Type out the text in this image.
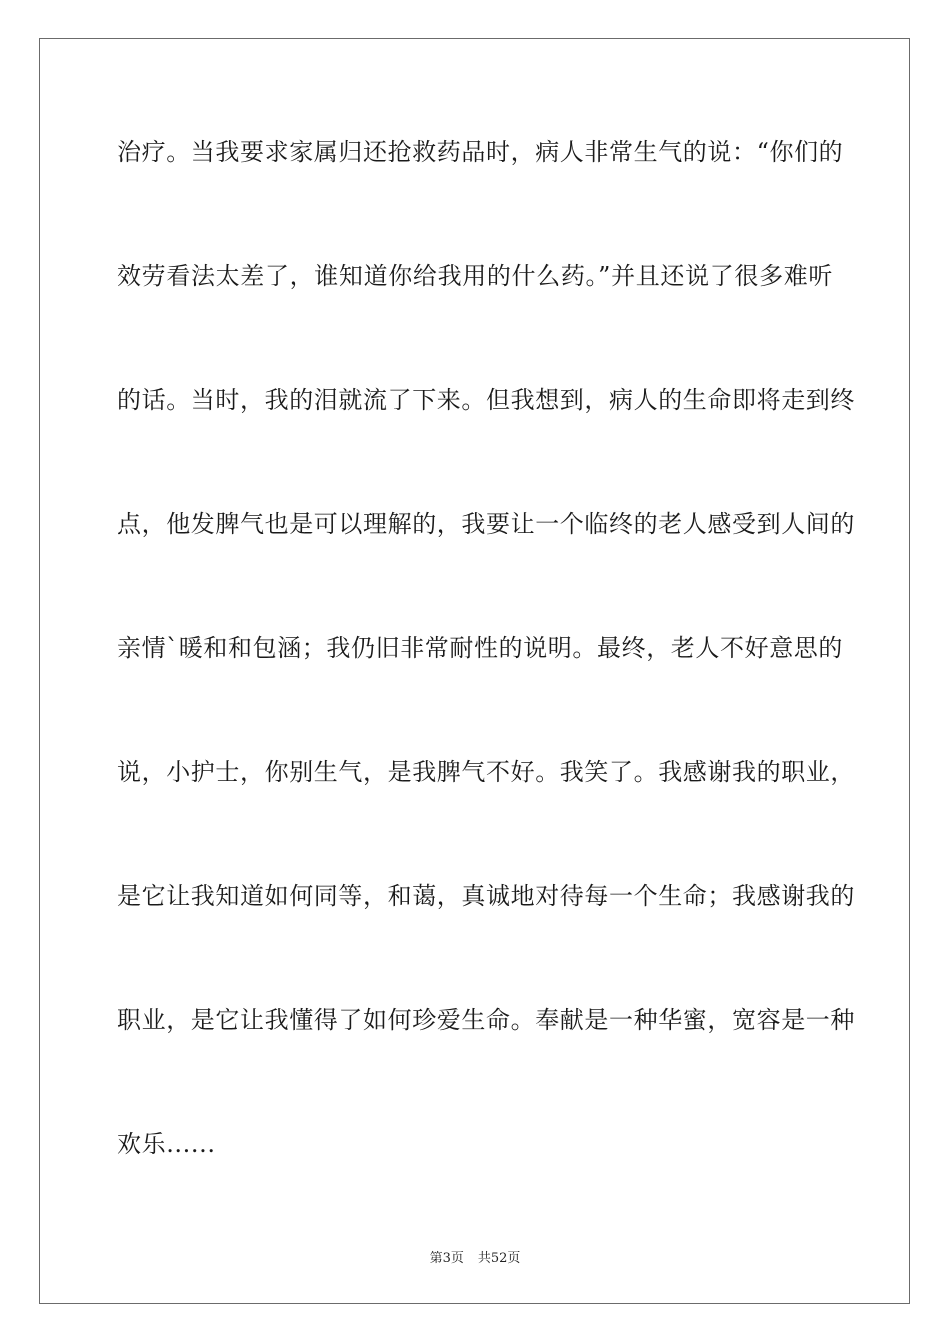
治疗。当我要求家属归还抢救药品时，病人非常生气的说：“你们的
效劳看法太差了，谁知道你给我用的什么药。”并且还说了很多难听
的话。当时，我的泪就流了下来。但我想到，病人的生命即将走到终
点，他发脾气也是可以理解的，我要让一个临终的老人感受到人间的
亲情`暖和和包涵；我仍旧非常耐性的说明。最终，老人不好意思的
说，小护士，你别生气，是我脾气不好。我笑了。我感谢我的职业，
是它让我知道如何同等，和蔼，真诚地对待每一个生命；我感谢我的
职业，是它让我懂得了如何珍爱生命。奉献是一种华蜜，宽容是一种
欢乐......
第3页 共52页
